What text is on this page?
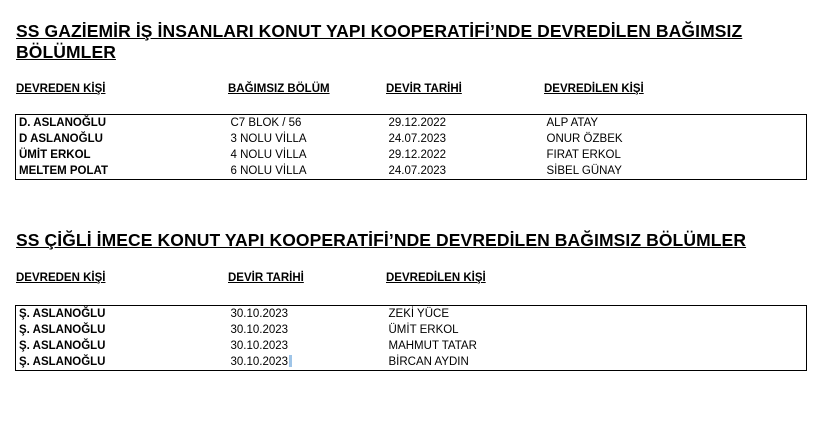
SS GAZİEMİR İŞ İNSANLARI KONUT YAPI KOOPERATİFİ’NDE DEVREDİLEN BAĞIMSIZ BÖLÜMLER
DEVREDEN KİŞİ	BAĞIMSIZ BÖLÜM	DEVİR TARİHİ	DEVREDİLEN KİŞİ
D. ASLANOĞLU	C7 BLOK / 56	29.12.2022	ALP ATAY
D ASLANOĞLU	3 NOLU VİLLA	24.07.2023	ONUR ÖZBEK
ÜMİT ERKOL	4 NOLU VİLLA	29.12.2022	FIRAT ERKOL
MELTEM POLAT	6 NOLU VİLLA	24.07.2023	SİBEL GÜNAY
SS ÇİĞLİ İMECE KONUT YAPI KOOPERATİFİ’NDE DEVREDİLEN BAĞIMSIZ BÖLÜMLER
DEVREDEN KİŞİ	DEVİR TARİHİ	DEVREDİLEN KİŞİ
Ş. ASLANOĞLU	30.10.2023	ZEKİ YÜCE
Ş. ASLANOĞLU	30.10.2023	ÜMİT ERKOL
Ş. ASLANOĞLU	30.10.2023	MAHMUT TATAR
Ş. ASLANOĞLU	30.10.2023	BİRCAN AYDIN
